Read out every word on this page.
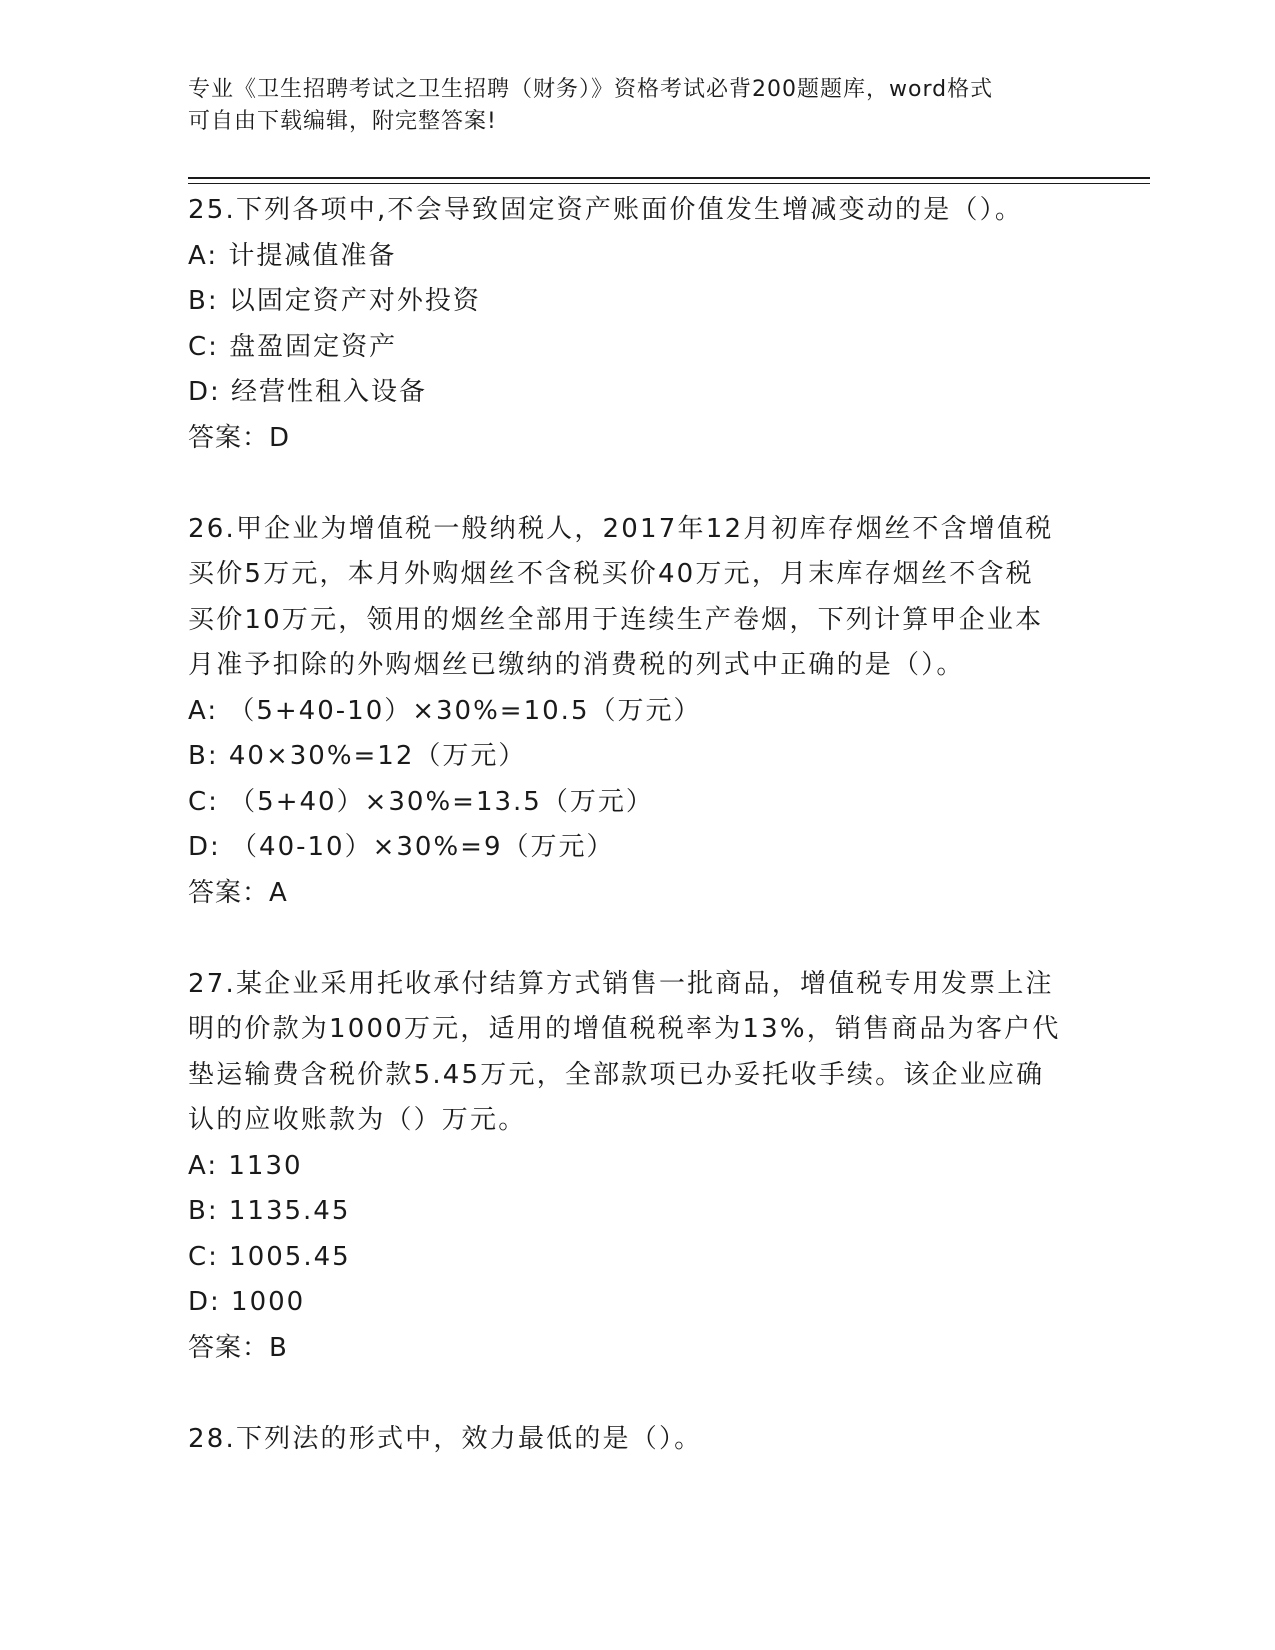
专业《卫生招聘考试之卫生招聘（财务）》资格考试必背200题题库，word格式
可自由下载编辑，附完整答案!
25.下列各项中,不会导致固定资产账面价值发生增减变动的是（）。
A: 计提减值准备
B: 以固定资产对外投资
C: 盘盈固定资产
D: 经营性租入设备
答案：D
26.甲企业为增值税一般纳税人，2017年12月初库存烟丝不含增值税
买价5万元，本月外购烟丝不含税买价40万元，月末库存烟丝不含税
买价10万元，领用的烟丝全部用于连续生产卷烟，下列计算甲企业本
月准予扣除的外购烟丝已缴纳的消费税的列式中正确的是（）。
A: （5+40-10）×30%=10.5（万元）
B: 40×30%=12（万元）
C: （5+40）×30%=13.5（万元）
D: （40-10）×30%=9（万元）
答案：A
27.某企业采用托收承付结算方式销售一批商品，增值税专用发票上注
明的价款为1000万元，适用的增值税税率为13%，销售商品为客户代
垫运输费含税价款5.45万元，全部款项已办妥托收手续。该企业应确
认的应收账款为（）万元。
A: 1130
B: 1135.45
C: 1005.45
D: 1000
答案：B
28.下列法的形式中，效力最低的是（）。
